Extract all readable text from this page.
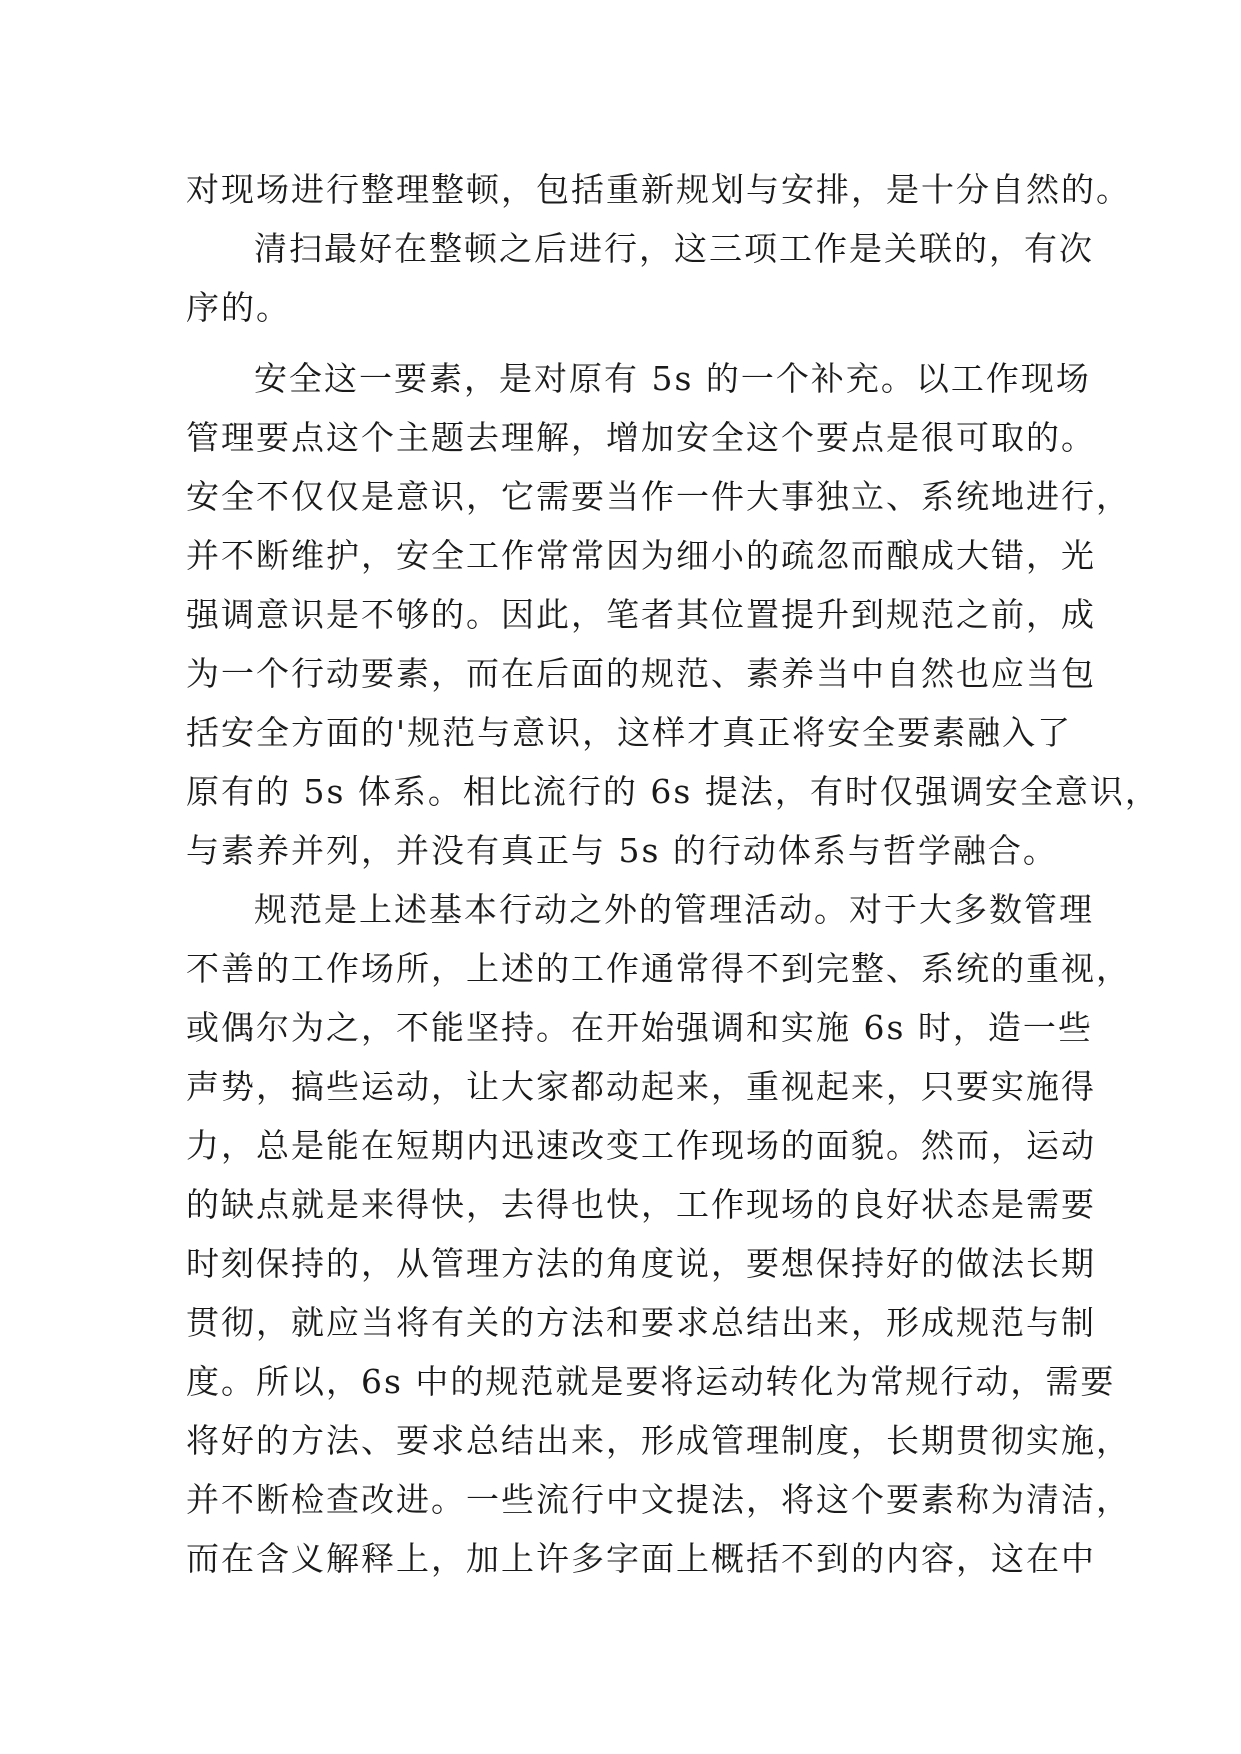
对现场进行整理整顿，包括重新规划与安排，是十分自然的。
清扫最好在整顿之后进行，这三项工作是关联的，有次
序的。
安全这一要素，是对原有 5s 的一个补充。以工作现场
管理要点这个主题去理解，增加安全这个要点是很可取的。
安全不仅仅是意识，它需要当作一件大事独立、系统地进行，
并不断维护，安全工作常常因为细小的疏忽而酿成大错，光
强调意识是不够的。因此，笔者其位置提升到规范之前，成
为一个行动要素，而在后面的规范、素养当中自然也应当包
括安全方面的'规范与意识，这样才真正将安全要素融入了
原有的 5s 体系。相比流行的 6s 提法，有时仅强调安全意识，
与素养并列，并没有真正与 5s 的行动体系与哲学融合。
规范是上述基本行动之外的管理活动。对于大多数管理
不善的工作场所，上述的工作通常得不到完整、系统的重视，
或偶尔为之，不能坚持。在开始强调和实施 6s 时，造一些
声势，搞些运动，让大家都动起来，重视起来，只要实施得
力，总是能在短期内迅速改变工作现场的面貌。然而，运动
的缺点就是来得快，去得也快，工作现场的良好状态是需要
时刻保持的，从管理方法的角度说，要想保持好的做法长期
贯彻，就应当将有关的方法和要求总结出来，形成规范与制
度。所以，6s 中的规范就是要将运动转化为常规行动，需要
将好的方法、要求总结出来，形成管理制度，长期贯彻实施，
并不断检查改进。一些流行中文提法，将这个要素称为清洁，
而在含义解释上，加上许多字面上概括不到的内容，这在中
